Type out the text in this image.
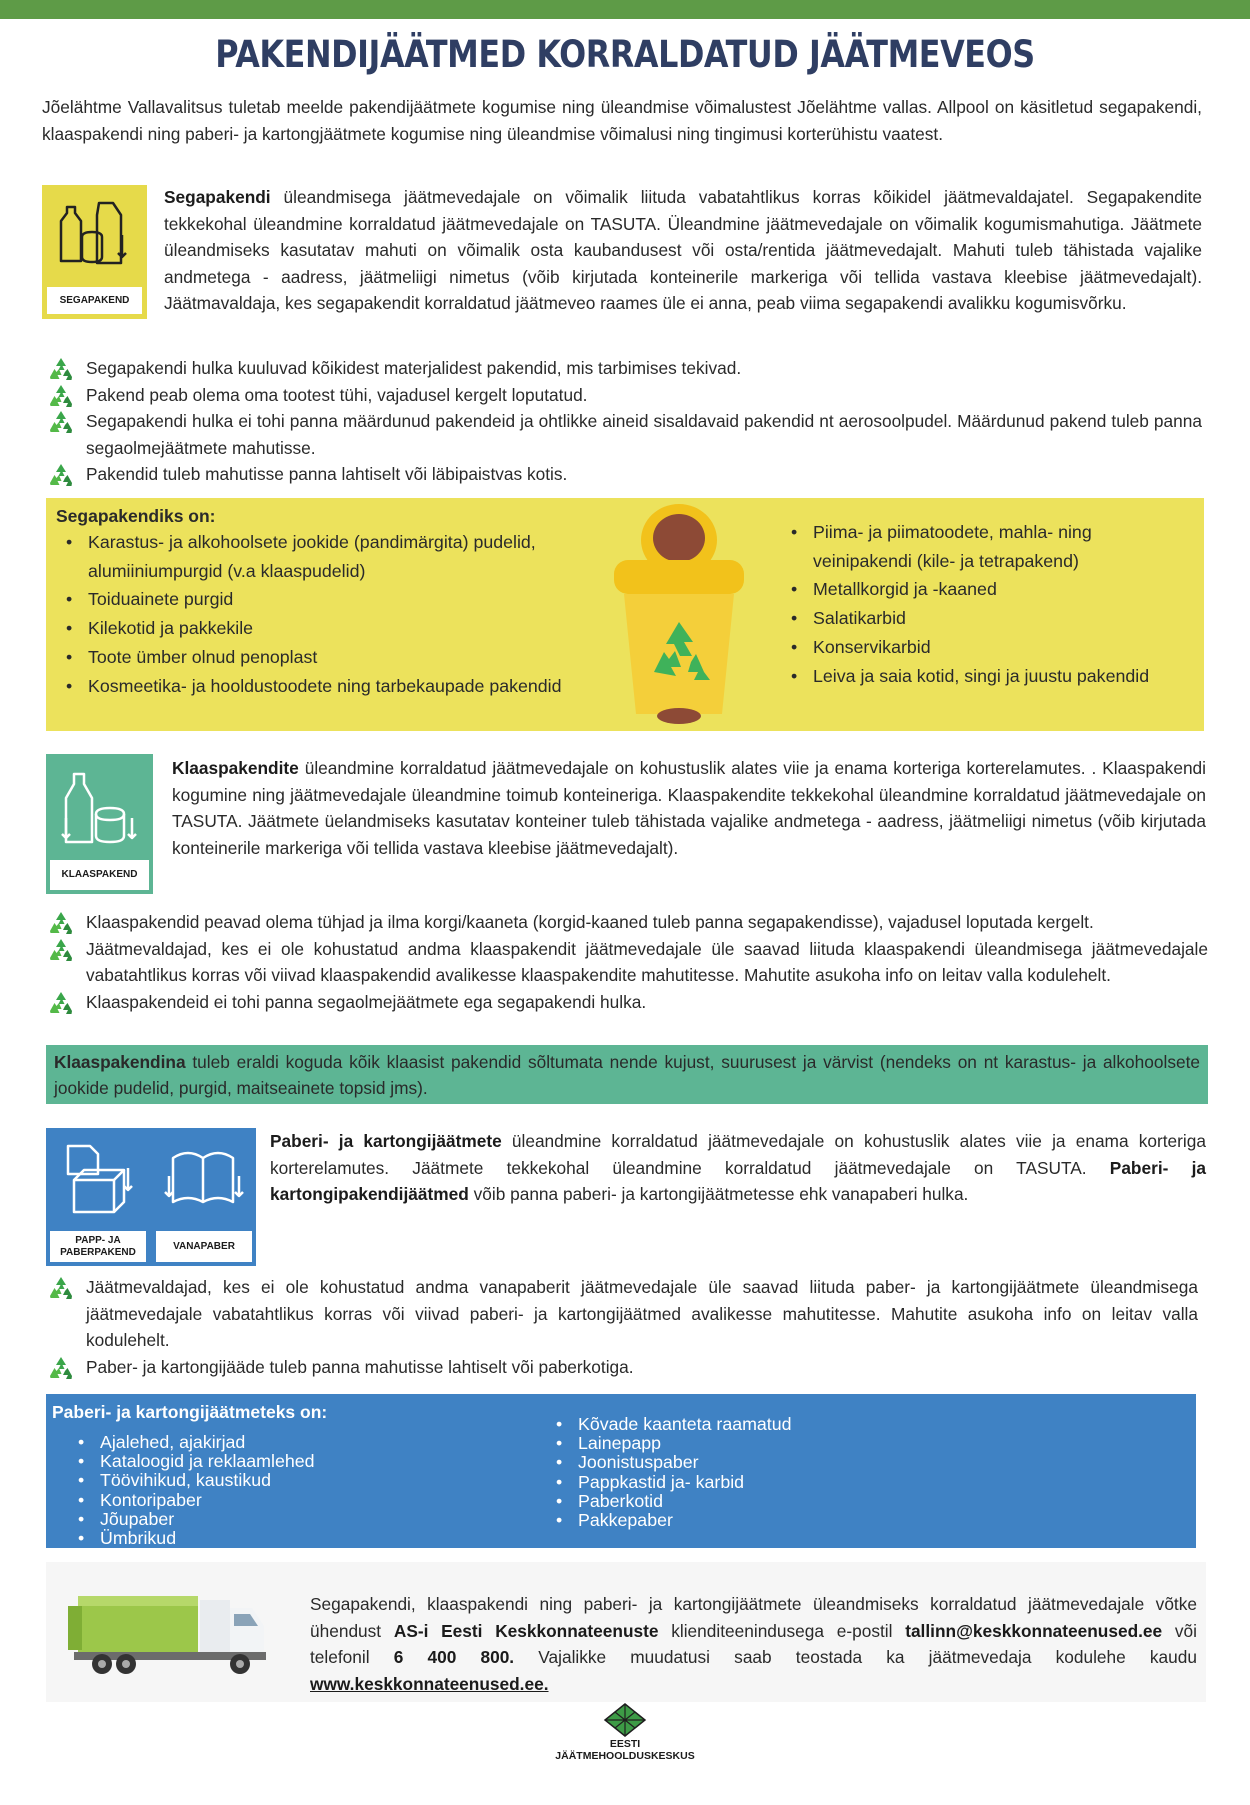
PAKENDIJÄÄTMED KORRALDATUD JÄÄTMEVEOS

Jõelähtme Vallavalitsus tuletab meelde pakendijäätmete kogumise ning üleandmise võimalustest Jõelähtme vallas. Allpool on käsitletud segapakendi, klaaspakendi ning paberi- ja kartongjäätmete kogumise ning üleandmise võimalusi ning tingimusi korterühistu vaatest.

SEGAPAKEND

Segapakendi üleandmisega jäätmevedajale on võimalik liituda vabatahtlikus korras kõikidel jäätmevaldajatel. Segapakendite tekkekohal üleandmine korraldatud jäätmevedajale on TASUTA. Üleandmine jäätmevedajale on võimalik kogumismahutiga. Jäätmete üleandmiseks kasutatav mahuti on võimalik osta kaubandusest või osta/rentida jäätmevedajalt. Mahuti tuleb tähistada vajalike andmetega - aadress, jäätmeliigi nimetus (võib kirjutada konteinerile markeriga või tellida vastava kleebise jäätmevedajalt). Jäätmavaldaja, kes segapakendit korraldatud jäätmeveo raames üle ei anna, peab viima segapakendi avalikku kogumisvõrku.

Segapakendi hulka kuuluvad kõikidest materjalidest pakendid, mis tarbimises tekivad.
Pakend peab olema oma tootest tühi, vajadusel kergelt loputatud.
Segapakendi hulka ei tohi panna määrdunud pakendeid ja ohtlikke aineid sisaldavaid pakendid nt aerosoolpudel. Määrdunud pakend tuleb panna segaolmejäätmete mahutisse.
Pakendid tuleb mahutisse panna lahtiselt või läbipaistvas kotis.
Segapakendiks on:
• Karastus- ja alkohoolsete jookide (pandimärgita) pudelid, alumiiniumpurgid (v.a klaaspudelid)
• Toiduainete purgid
• Kilekotid ja pakkekile
• Toote ümber olnud penoplast
• Kosmeetika- ja hooldustoodete ning tarbekaupade pakendid
• Piima- ja piimatoodete, mahla- ning veinipakendi (kile- ja tetrapakend)
• Metallkorgid ja -kaaned
• Salatikarbid
• Konservikarbid
• Leiva ja saia kotid, singi ja juustu pakendid
KLAASPAKEND

Klaaspakendite üleandmine korraldatud jäätmevedajale on kohustuslik alates viie ja enama korteriga korterelamutes. . Klaaspakendi kogumine ning jäätmevedajale üleandmine toimub konteineriga. Klaaspakendite tekkekohal üleandmine korraldatud jäätmevedajale on TASUTA. Jäätmete üelandmiseks kasutatav konteiner tuleb tähistada vajalike andmetega - aadress, jäätmeliigi nimetus (võib kirjutada konteinerile markeriga või tellida vastava kleebise jäätmevedajalt).

Klaaspakendid peavad olema tühjad ja ilma korgi/kaaneta (korgid-kaaned tuleb panna segapakendisse), vajadusel loputada kergelt.
Jäätmevaldajad, kes ei ole kohustatud andma klaaspakendit jäätmevedajale üle saavad liituda klaaspakendi üleandmisega jäätmevedajale vabatahtlikus korras või viivad klaaspakendid avalikesse klaaspakendite mahutitesse. Mahutite asukoha info on leitav valla kodulehelt.
Klaaspakendeid ei tohi panna segaolmejäätmete ega segapakendi hulka.
Klaaspakendina tuleb eraldi koguda kõik klaasist pakendid sõltumata nende kujust, suurusest ja värvist (nendeks on nt karastus- ja alkohoolsete jookide pudelid, purgid, maitseainete topsid jms).
PAPP- JA PABERPAKEND
VANAPABER

Paberi- ja kartongijäätmete üleandmine korraldatud jäätmevedajale on kohustuslik alates viie ja enama korteriga korterelamutes. Jäätmete tekkekohal üleandmine korraldatud jäätmevedajale on TASUTA. Paberi- ja kartongipakendijäätmed võib panna paberi- ja kartongijäätmetesse ehk vanapaberi hulka.

Jäätmevaldajad, kes ei ole kohustatud andma vanapaberit jäätmevedajale üle saavad liituda paber- ja kartongijäätmete üleandmisega jäätmevedajale vabatahtlikus korras või viivad paberi- ja kartongijäätmed avalikesse mahutitesse. Mahutite asukoha info on leitav valla kodulehelt.
Paber- ja kartongijääde tuleb panna mahutisse lahtiselt või paberkotiga.
Paberi- ja kartongijäätmeteks on:
• Ajalehed, ajakirjad
• Kataloogid ja reklaamlehed
• Töövihikud, kaustikud
• Kontoripaber
• Jõupaber
• Ümbrikud
• Kõvade kaanteta raamatud
• Lainepapp
• Joonistuspaber
• Pappkastid ja- karbid
• Paberkotid
• Pakkepaber

Segapakendi, klaaspakendi ning paberi- ja kartongijäätmete üleandmiseks korraldatud jäätmevedajale võtke ühendust AS-i Eesti Keskkonnateenuste klienditeenindusega e-postil tallinn@keskkonnateenused.ee või telefonil 6 400 800. Vajalikke muudatusi saab teostada ka jäätmevedaja kodulehe kaudu www.keskkonnateenused.ee.

EESTI
JÄÄTMEHOOLDUSKESKUS
